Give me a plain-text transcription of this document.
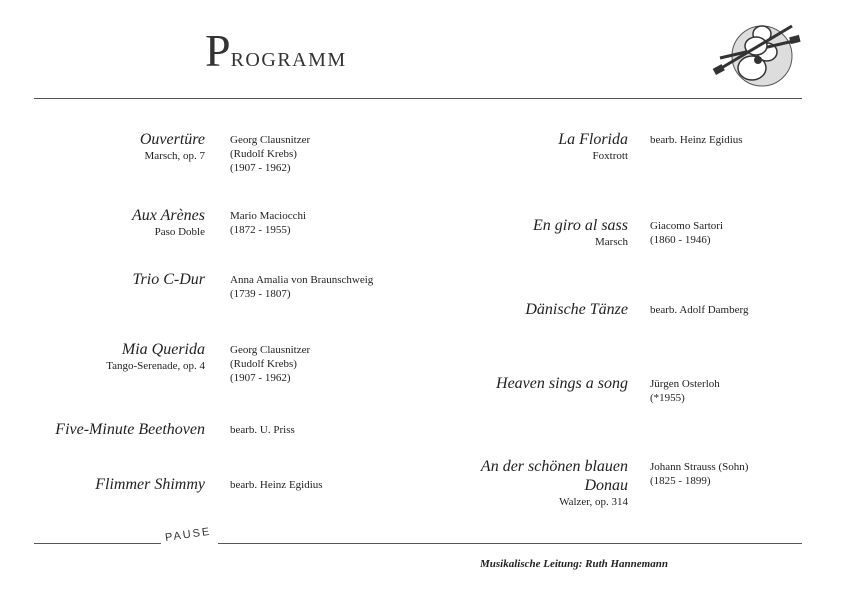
PROGRAMM
Ouvertüre
Marsch, op. 7
Georg Clausnitzer
(Rudolf Krebs)
(1907 - 1962)
Aux Arènes
Paso Doble
Mario Maciocchi
(1872 - 1955)
Trio C-Dur Anna Amalia von Braunschweig
(1739 - 1807)
Mia Querida
Tango-Serenade, op. 4
Georg Clausnitzer
(Rudolf Krebs)
(1907 - 1962)
Five-Minute Beethoven bearb. U. Priss
Flimmer Shimmy bearb. Heinz Egidius
La Florida
Foxtrott
bearb. Heinz Egidius
En giro al sass
Marsch
Giacomo Sartori
(1860 - 1946)
Dänische Tänze bearb. Adolf Damberg
Heaven sings a song Jürgen Osterloh
(*1955)
An der schönen blauen
Donau
Walzer, op. 314
Johann Strauss (Sohn)
(1825 - 1899)
PAUSE
Musikalische Leitung: Ruth Hannemann
